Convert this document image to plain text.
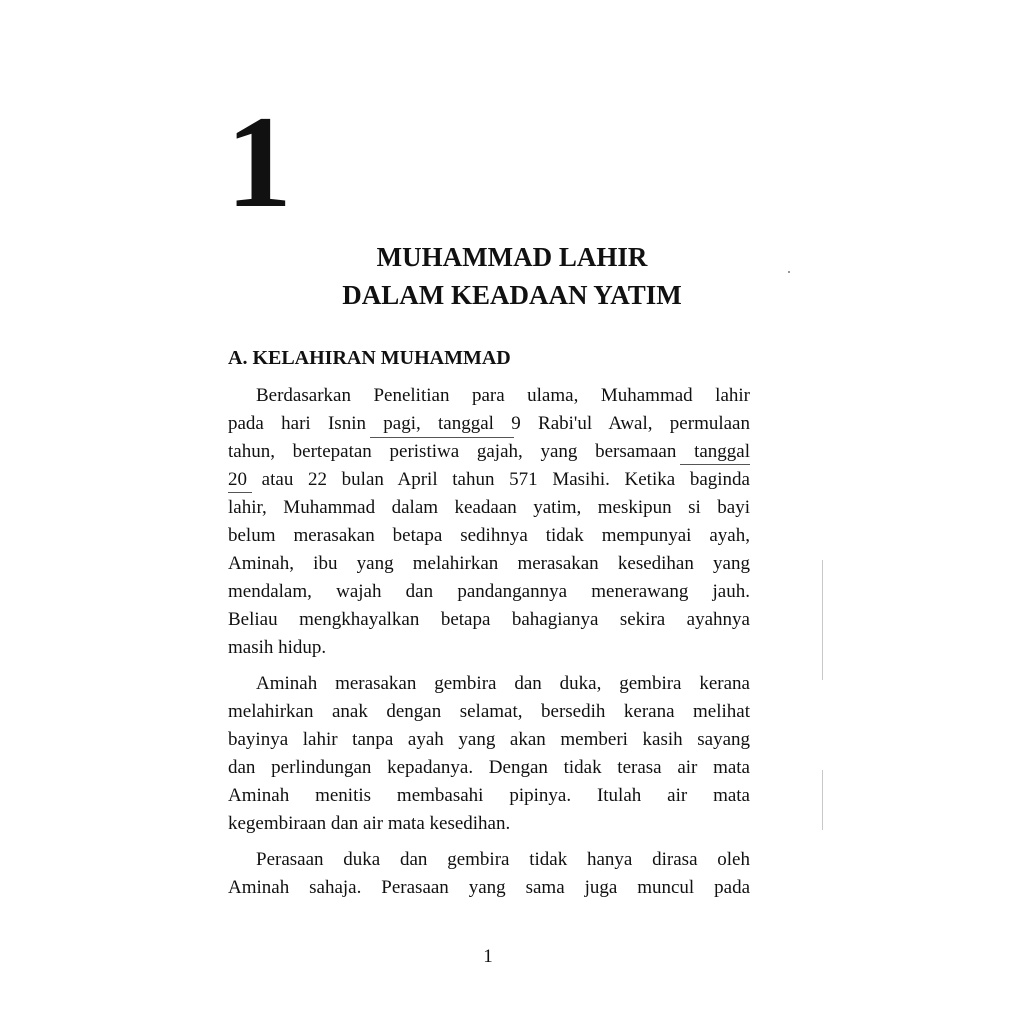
1
MUHAMMAD LAHIR
DALAM KEADAAN YATIM
A. KELAHIRAN MUHAMMAD
Berdasarkan Penelitian para ulama, Muhammad lahir
pada hari Isnin pagi, tanggal 9 Rabi'ul Awal, permulaan
tahun, bertepatan peristiwa gajah, yang bersamaan tanggal
20 atau 22 bulan April tahun 571 Masihi. Ketika baginda
lahir, Muhammad dalam keadaan yatim, meskipun si bayi
belum merasakan betapa sedihnya tidak mempunyai ayah,
Aminah, ibu yang melahirkan merasakan kesedihan yang
mendalam, wajah dan pandangannya menerawang jauh.
Beliau mengkhayalkan betapa bahagianya sekira ayahnya
masih hidup.
Aminah merasakan gembira dan duka, gembira kerana
melahirkan anak dengan selamat, bersedih kerana melihat
bayinya lahir tanpa ayah yang akan memberi kasih sayang
dan perlindungan kepadanya. Dengan tidak terasa air mata
Aminah menitis membasahi pipinya. Itulah air mata
kegembiraan dan air mata kesedihan.
Perasaan duka dan gembira tidak hanya dirasa oleh
Aminah sahaja. Perasaan yang sama juga muncul pada
1
